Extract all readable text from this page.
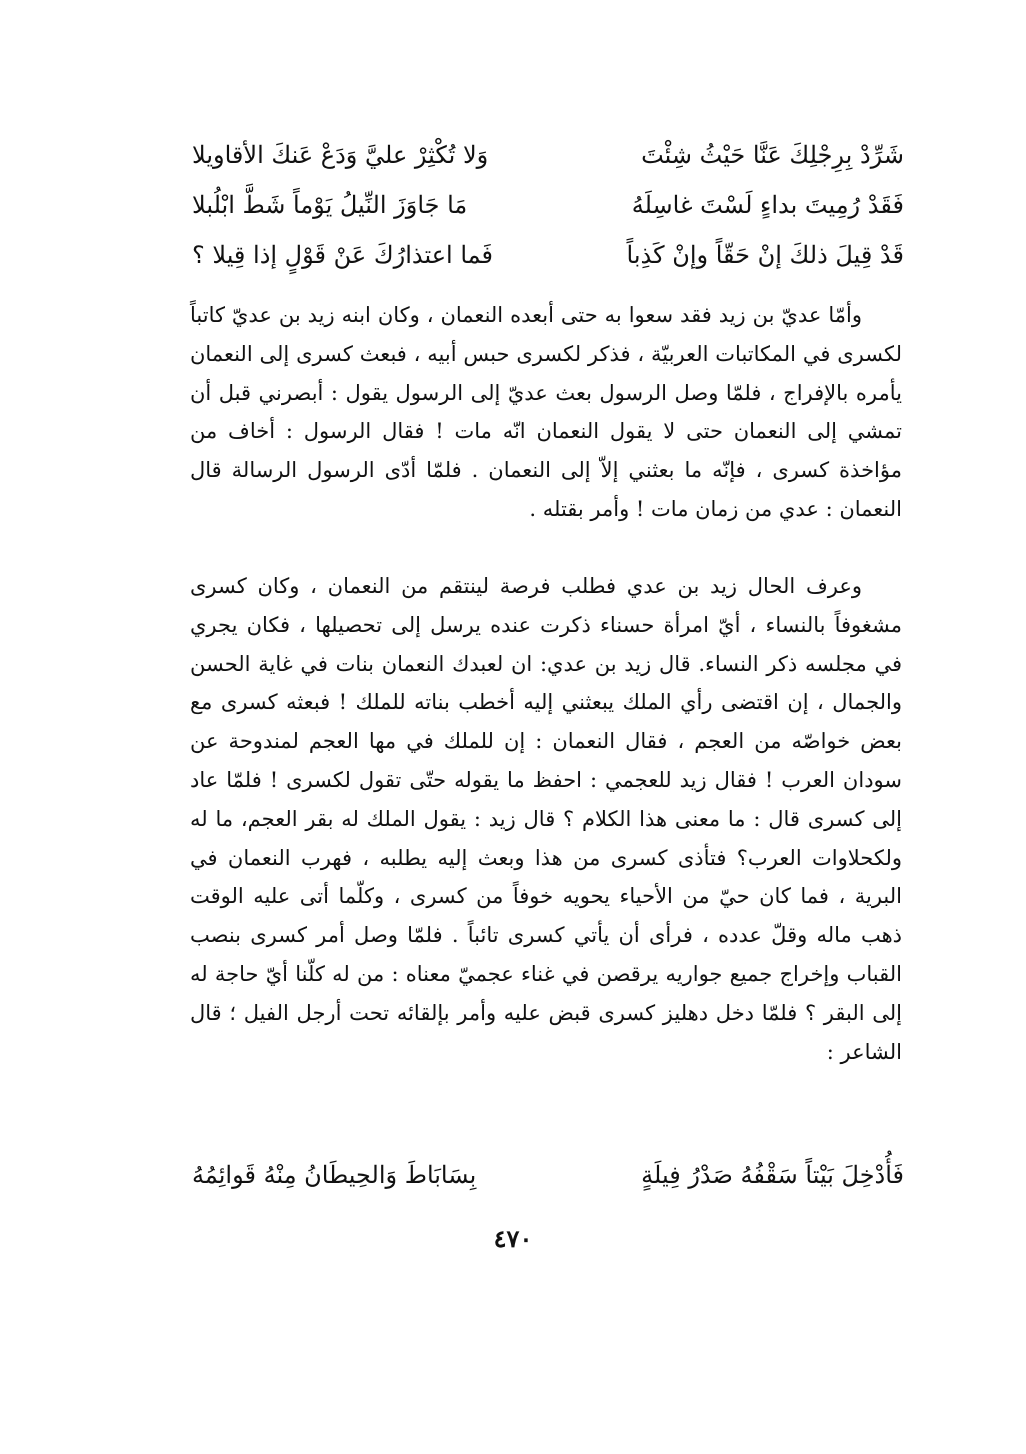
شَرِّدْ بِرِجْلِكَ عَنَّا حَيْثُ شِئْتَ
وَلا تُكْثِرْ عليَّ وَدَعْ عَنكَ الأقاويلا
فَقَدْ رُمِيتَ بداءٍ لَسْتَ غاسِلَهُ
مَا جَاوَزَ النِّيلُ يَوْماً شَطَّ ابْلُبلا
قَدْ قِيلَ ذلكَ إنْ حَقّاً وإنْ كَذِباً
فَما اعتذارُكَ عَنْ قَوْلٍ إذا قِيلا ؟

وأمّا عديّ بن زيد فقد سعوا به حتى أبعده النعمان ، وكان ابنه زيد بن عديّ كاتباً لكسرى في المكاتبات العربيّة ، فذكر لكسرى حبس أبيه ، فبعث كسرى إلى النعمان يأمره بالإفراج ، فلمّا وصل الرسول بعث عديّ إلى الرسول يقول : أبصرني قبل أن تمشي إلى النعمان حتى لا يقول النعمان انّه مات ! فقال الرسول : أخاف من مؤاخذة كسرى ، فإنّه ما بعثني إلاّ إلى النعمان . فلمّا أدّى الرسول الرسالة قال النعمان : عدي من زمان مات ! وأمر بقتله .

وعرف الحال زيد بن عدي فطلب فرصة لينتقم من النعمان ، وكان كسرى مشغوفاً بالنساء ، أيّ امرأة حسناء ذكرت عنده يرسل إلى تحصيلها ، فكان يجري في مجلسه ذكر النساء. قال زيد بن عدي: ان لعبدك النعمان بنات في غاية الحسن والجمال ، إن اقتضى رأي الملك يبعثني إليه أخطب بناته للملك ! فبعثه كسرى مع بعض خواصّه من العجم ، فقال النعمان : إن للملك في مها العجم لمندوحة عن سودان العرب ! فقال زيد للعجمي : احفظ ما يقوله حتّى تقول لكسرى ! فلمّا عاد إلى كسرى قال : ما معنى هذا الكلام ؟ قال زيد : يقول الملك له بقر العجم، ما له ولكحلاوات العرب؟ فتأذى كسرى من هذا وبعث إليه يطلبه ، فهرب النعمان في البرية ، فما كان حيّ من الأحياء يحويه خوفاً من كسرى ، وكلّما أتى عليه الوقت ذهب ماله وقلّ عدده ، فرأى أن يأتي كسرى تائباً . فلمّا وصل أمر كسرى بنصب القباب وإخراج جميع جواريه يرقصن في غناء عجميّ معناه : من له كلّنا أيّ حاجة له إلى البقر ؟ فلمّا دخل دهليز كسرى قبض عليه وأمر بإلقائه تحت أرجل الفيل ؛ قال الشاعر :

فَأُدْخِلَ بَيْتاً سَقْفُهُ صَدْرُ فِيلَةٍ
بِسَابَاطَ وَالحِيطَانُ مِنْهُ قَوائِمُهُ
٤٧٠
